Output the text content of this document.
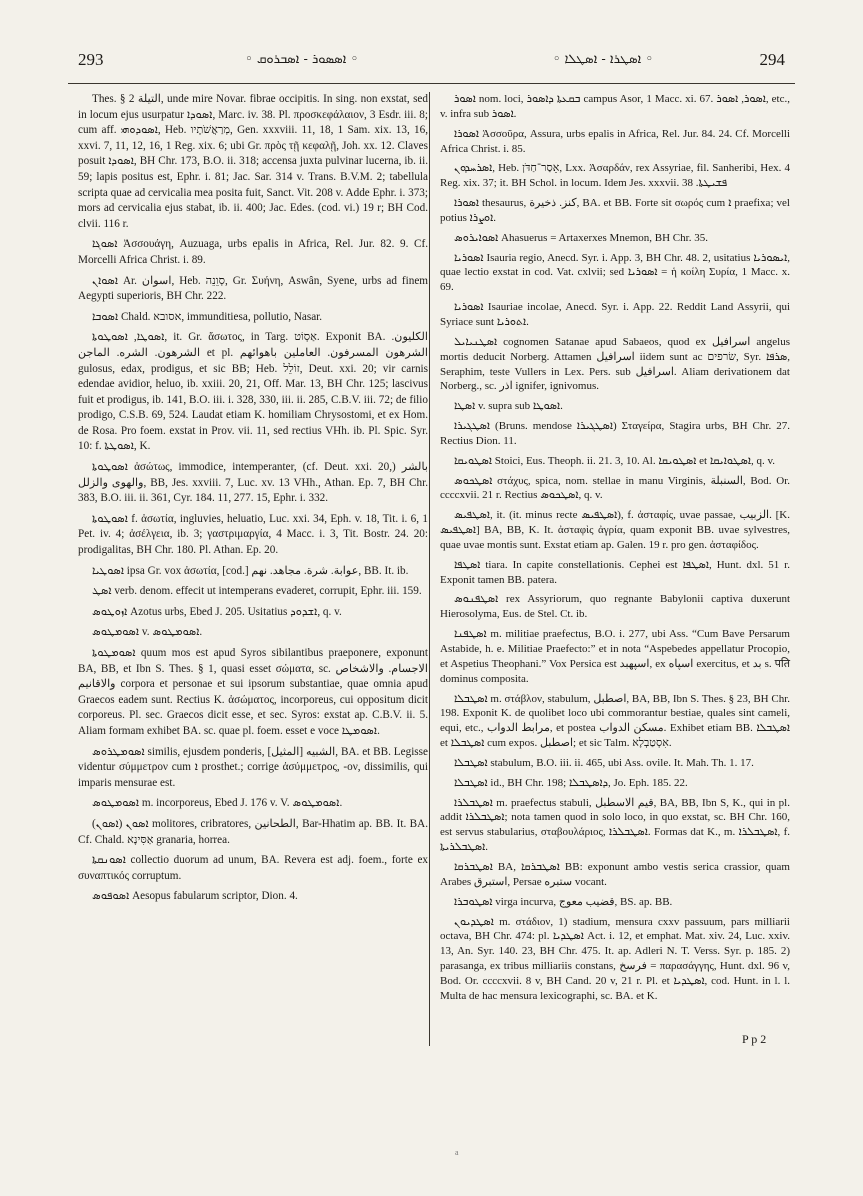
293	◦ ܐܣܣܘܪ - ܐܣܒܪܘܩ ◦	◦ ܐܣܛܪܐ - ܐܣܛܠܐ ◦	294

Thes. § 2 ‏التيلة‏, unde mire Novar. fibrae occipitis. In sing. non exstat, sed in locum ejus usurpatur ܐܣܘܕܐ, Marc. iv. 38. Pl. προσκεφάλαιον, 3 Esdr. iii. 8; cum aff. ܐܣܘܕܘܗܝ, Heb. ‏מְרַאֲשֹׁתָיו‏, Gen. xxxviii. 11, 18, 1 Sam. xix. 13, 16, xxvi. 7, 11, 12, 16, 1 Reg. xix. 6; ubi Gr. πρὸς τῇ κεφαλῇ, Joh. xx. 12. Claves posuit ܐܣܘܕܐ, BH Chr. 173, B.O. ii. 318; accensa juxta pulvinar lucerna, ib. ii. 59; lapis positus est, Ephr. i. 81; Jac. Sar. 314 v. Trans. B.V.M. 2; tabellula scripta quae ad cervicalia mea posita fuit, Sanct. Vit. 208 v. Adde Ephr. i. 373; mors ad cervicalia ejus stabat, ib. ii. 400; Jac. Edes. (cod. vi.) 19 r; BH Cod. clvii. 116 r.

ܐܣܘܓܐ Ἀσσουάγη, Auzuaga, urbs epalis in Africa, Rel. Jur. 82. 9. Cf. Morcelli Africa Christ. i. 89.

ܐܣܘܐܢ Ar. ‏اسوان‏, Heb. ‏סְוֵנֵה‏, Gr. Συήνη, Aswân, Syene, urbs ad finem Aegypti superioris, BH Chr. 222.

ܐܣܘܒܐ Chald. ‏אסובא‏, immunditiesa, pollutio, Nasar.

ܐܣܘܛܐ, ܐܣܘܛܘܬܐ, it. Gr. ἄσωτος, in Targ. ‏אַסְוֹט‏. Exponit BA. ‏الكليون. الشرهون. الشره. الماجن‏ et pl. ‏الشرهون المسرفون. العاملين باهوائهم‏ gulosus, edax, prodigus, et sic BB; Heb. ‏זוֹלֵל‏, Deut. xxi. 20; vir carnis edendae avidior, heluo, ib. xxiii. 20, 21, Off. Mar. 13, BH Chr. 125; lascivus fuit et prodigus, ib. 141, B.O. iii. i. 328, 330, iii. ii. 285, C.B.V. iii. 72; de filio prodigo, C.S.B. 69, 524. Laudat etiam K. homiliam Chrysostomi, et ex Hom. de Rosa. Pro foem. exstat in Prov. vii. 11, sed rectius VHh. ib. Pl. Spic. Syr. 10: f. ܐܣܘܛܬܐ, K.

ܐܣܘܛܘܬܐ ἀσώτως, immodice, intemperanter, (cf. Deut. xxi. 20,) ‏بالشر والهوى والزلل‏, BB, Jes. xxviii. 7, Luc. xv. 13 VHh., Athan. Ep. 7, BH Chr. 383, B.O. iii. ii. 361, Cyr. 184. 11, 277. 15, Ephr. i. 332.

ܐܣܘܛܘܬܐ f. ἀσωτία, ingluvies, heluatio, Luc. xxi. 34, Eph. v. 18, Tit. i. 6, 1 Pet. iv. 4; ἀσέλγεια, ib. 3; γαστριμαργία, 4 Macc. i. 3, Tit. Bostr. 24. 20: prodigalitas, BH Chr. 180. Pl. Athan. Ep. 20.

ܐܣܘܛܝܐ ipsa Gr. vox ἀσωτία, [cod.] ‏عوابة. شرة. مجاهد. نهم‏, BB. It. ib.

ܐܣܛ verb. denom. effecit ut intemperans evaderet, corrupit, Ephr. iii. 159.

ܐܙܘܛܘܣ Azotus urbs, Ebed J. 205. Usitatius ܐܫܕܘܕ, q. v.

ܐܣܘܡܛܘܣ v. ܐܣܘܡܛܘܣ.

ܐܣܘܡܛܘܬܐ quum mos est apud Syros sibilantibus praeponere, exponunt BA, BB, et Ibn S. Thes. § 1, quasi esset σώματα, sc. ‏الاجسام. والاشخاص والاقانيم‏ corpora et personae et sui ipsorum substantiae, quae omnia apud Graecos eadem sunt. Rectius K. ἀσώματος, incorporeus, cui oppositum dicit corporeus. Pl. sec. Graecos dicit esse, et sec. Syros: exstat ap. C.B.V. ii. 5. Aliam formam exhibet BA. sc. quae pl. foem. esset e voce ܐܣܘܡܛܐ.

ܐܣܘܡܛܪܘܣ similis, ejusdem ponderis, ‏الشبيه‏ [‏المثيل‏], BA. et BB. Legisse videntur σύμμετρον cum ܐ prosthet.; corrige ἀσύμμετρος, -ον, dissimilis, qui imparis mensurae est.

ܐܣܘܡܛܘܣ m. incorporeus, Ebed J. 176 v. V. ܐܣܘܡܛܘܣ.

ܐܣܘܢ (ܐܣܘܢ) molitores, cribratores, ‏الطحانين‏, Bar-Hhatim ap. BB. It. BA. Cf. Chald. ‏אַסִּינָא‏ granaria, horrea.

ܐܣܘܢܩܬܐ collectio duorum ad unum, BA. Revera est adj. foem., forte ex συναπτικός corruptum.

ܐܣܘܦܘܣ Aesopus fabularum scriptor, Dion. 4.

ܐܣܘܪ nom. loci, ܒܩܥܬܐ ܕܐܣܘܪ campus Asor, 1 Macc. xi. 67. ܐܣܘܪ, ܐܣܘܪ, etc., v. infra sub ܐܣܘܪ.

ܐܣܘܪܐ Ἀσσοῦρα, Assura, urbs epalis in Africa, Rel. Jur. 84. 24. Cf. Morcelli Africa Christ. i. 85.

ܐܣܪܚܕܘܢ, Heb. ‏אֵסַר־חַדֹּן‏, Lxx. Ἀσαρδάν, rex Assyriae, fil. Sanheribi, Hex. 4 Reg. xix. 37; it. BH Schol. in locum. Idem Jes. xxxvii. 38 .ܦܫܝܛܬܐ

ܐܣܘܪܐ thesaurus, ‏كنز. ذخيرة‏, BA. et BB. Forte sit σωρός cum ܐ praefixa; vel potius ܐܘܨܪܐ.

ܐܣܘܐܝܪܘܣ Ahasuerus = Artaxerxes Mnemon, BH Chr. 35.

ܐܣܘܪܝܐ Isauria regio, Anecd. Syr. i. App. 3, BH Chr. 48. 2, usitatius ܐܝܣܘܪܝܐ, quae lectio exstat in cod. Vat. cxlvii; sed ܐܣܘܪܝܐ = ἡ κοίλη Συρία, 1 Macc. x. 69.

ܐܣܘܪܝܐ Isauriae incolae, Anecd. Syr. i. App. 22. Reddit Land Assyrii, qui Syriace sunt ܐܬܘܪܝܐ.

ܐܣܛܢܝܐܝܠ cognomen Satanae apud Sabaeos, quod ex ‏اسرافيل‏ angelus mortis deducit Norberg. Attamen ‏اسرافيل‏ iidem sunt ac ‏שׂרפים‏, Syr. ܣܪܦܐ, Seraphim, teste Vullers in Lex. Pers. sub ‏اسرافيل‏. Aliam derivationem dat Norberg., sc. ‏اذر‏ ignifer, ignivomus.

ܐܣܛܐ v. supra sub ܐܣܘܛܐ.

ܐܣܛܓܝܪܐ (Bruns. mendose ܐܣܛܓܝܪܐ) Σταγείρα, Stagira urbs, BH Chr. 27. Rectius Dion. 11.

ܐܣܛܘܝܩܐ Stoici, Eus. Theoph. ii. 21. 3, 10. Al. ܐܣܛܘܝܩܐ et ܐܣܛܘܐܝܩܐ, q. v.

ܐܣܛܟܘܣ στάχυς, spica, nom. stellae in manu Virginis, ‏السنبلة‏, Bod. Or. ccccxvii. 21 r. Rectius ܐܣܛܟܘܣ, q. v.

ܐܣܛܦܝܣ, it. (it. minus recte ܐܣܛܦܝܣ), f. ἀσταφίς, uvae passae, ‏الزبيب‏. [K. ܐܣܛܦܝܣ] BA, BB, K. It. ἀσταφὶς ἀγρία, quam exponit BB. uvae sylvestres, quae uvae montis sunt. Exstat etiam ap. Galen. 19 r. pro gen. ἀσταφίδος.

ܐܣܛܦܐ tiara. In capite constellationis. Cephei est ܐܣܛܦܐ, Hunt. dxl. 51 r. Exponit tamen BB. patera.

ܐܣܛܦܢܘܣ rex Assyriorum, quo regnante Babylonii captiva duxerunt Hierosolyma, Eus. de Stel. Ct. ib.

ܐܣܛܦܢܐ m. militiae praefectus, B.O. i. 277, ubi Ass. “Cum Bave Persarum Astabide, h. e. Militiae Praefecto:” et in nota “Aspebedes appellatur Procopio, et Aspetius Theophani.” Vox Persica est ‏اسپهبد‏, ex ‏اسپاه‏ exercitus, et ‏بد‏ s. ‏पति‏ dominus composita.

ܐܣܛܒܠܐ m. στάβλον, stabulum, ‏اصطبل‏, BA, BB, Ibn S. Thes. § 23, BH Chr. 198. Exponit K. de quolibet loco ubi commorantur bestiae, quales sint cameli, equi, etc., ‏مرابط الدواب‏, et postea ‏مسكن الدواب‏. Exhibet etiam BB. ܐܣܛܒܠܐ et ܐܣܛܒܠܐ cum expos. ‏اصطبل‏; et sic Talm. ‏אִסְטַבְלָא‏.

ܐܣܛܒܠܐ stabulum, B.O. iii. ii. 465, ubi Ass. ovile. It. Mah. Th. 1. 17.

ܐܣܛܒܠܐ id., BH Chr. 198; ܕܐܣܛܒܠܐ, Jo. Eph. 185. 22.

ܐܣܛܒܠܪܐ m. praefectus stabuli, ‏قيم الاسطبل‏, BA, BB, Ibn S, K., qui in pl. addit ܐܣܛܒܠܪܐ; nota tamen quod in solo loco, in quo exstat, sc. BH Chr. 160, est servus stabularius, σταβουλάριος, ܐܣܛܒܠܪܐ. Formas dat K., m. ܐܣܛܒܠܪܐ, f. ܐܣܛܒܠܪܝܬܐ.

ܐܣܛܒܪܩܐ BA, ܐܣܛܒܪܩܐ BB: exponunt ambo vestis serica crassior, quam Arabes ‏استبرق‏, Persae ‏ستبره‏ vocant.

ܐܣܛܘܒܪܐ virga incurva, ‏قضيب معوج‏, BS. ap. BB.

ܐܣܛܕܝܘܢ m. στάδιον, 1) stadium, mensura cxxv passuum, pars milliarii octava, BH Chr. 474: pl. ܐܣܛܕܝܐ Act. i. 12, et emphat. Mat. xiv. 24, Luc. xxiv. 13, An. Syr. 140. 23, BH Chr. 475. It. ap. Adleri N. T. Verss. Syr. p. 185. 2) parasanga, ex tribus milliariis constans, ‏فرسخ‏ = παρασάγγης, Hunt. dxl. 96 v, Bod. Or. ccccxvii. 8 v, BH Cand. 20 v, 21 r. Pl. et ܐܣܛܕܝܐ, cod. Hunt. in l. l. Multa de hac mensura lexicographi, sc. BA. et K.

P p 2
a
